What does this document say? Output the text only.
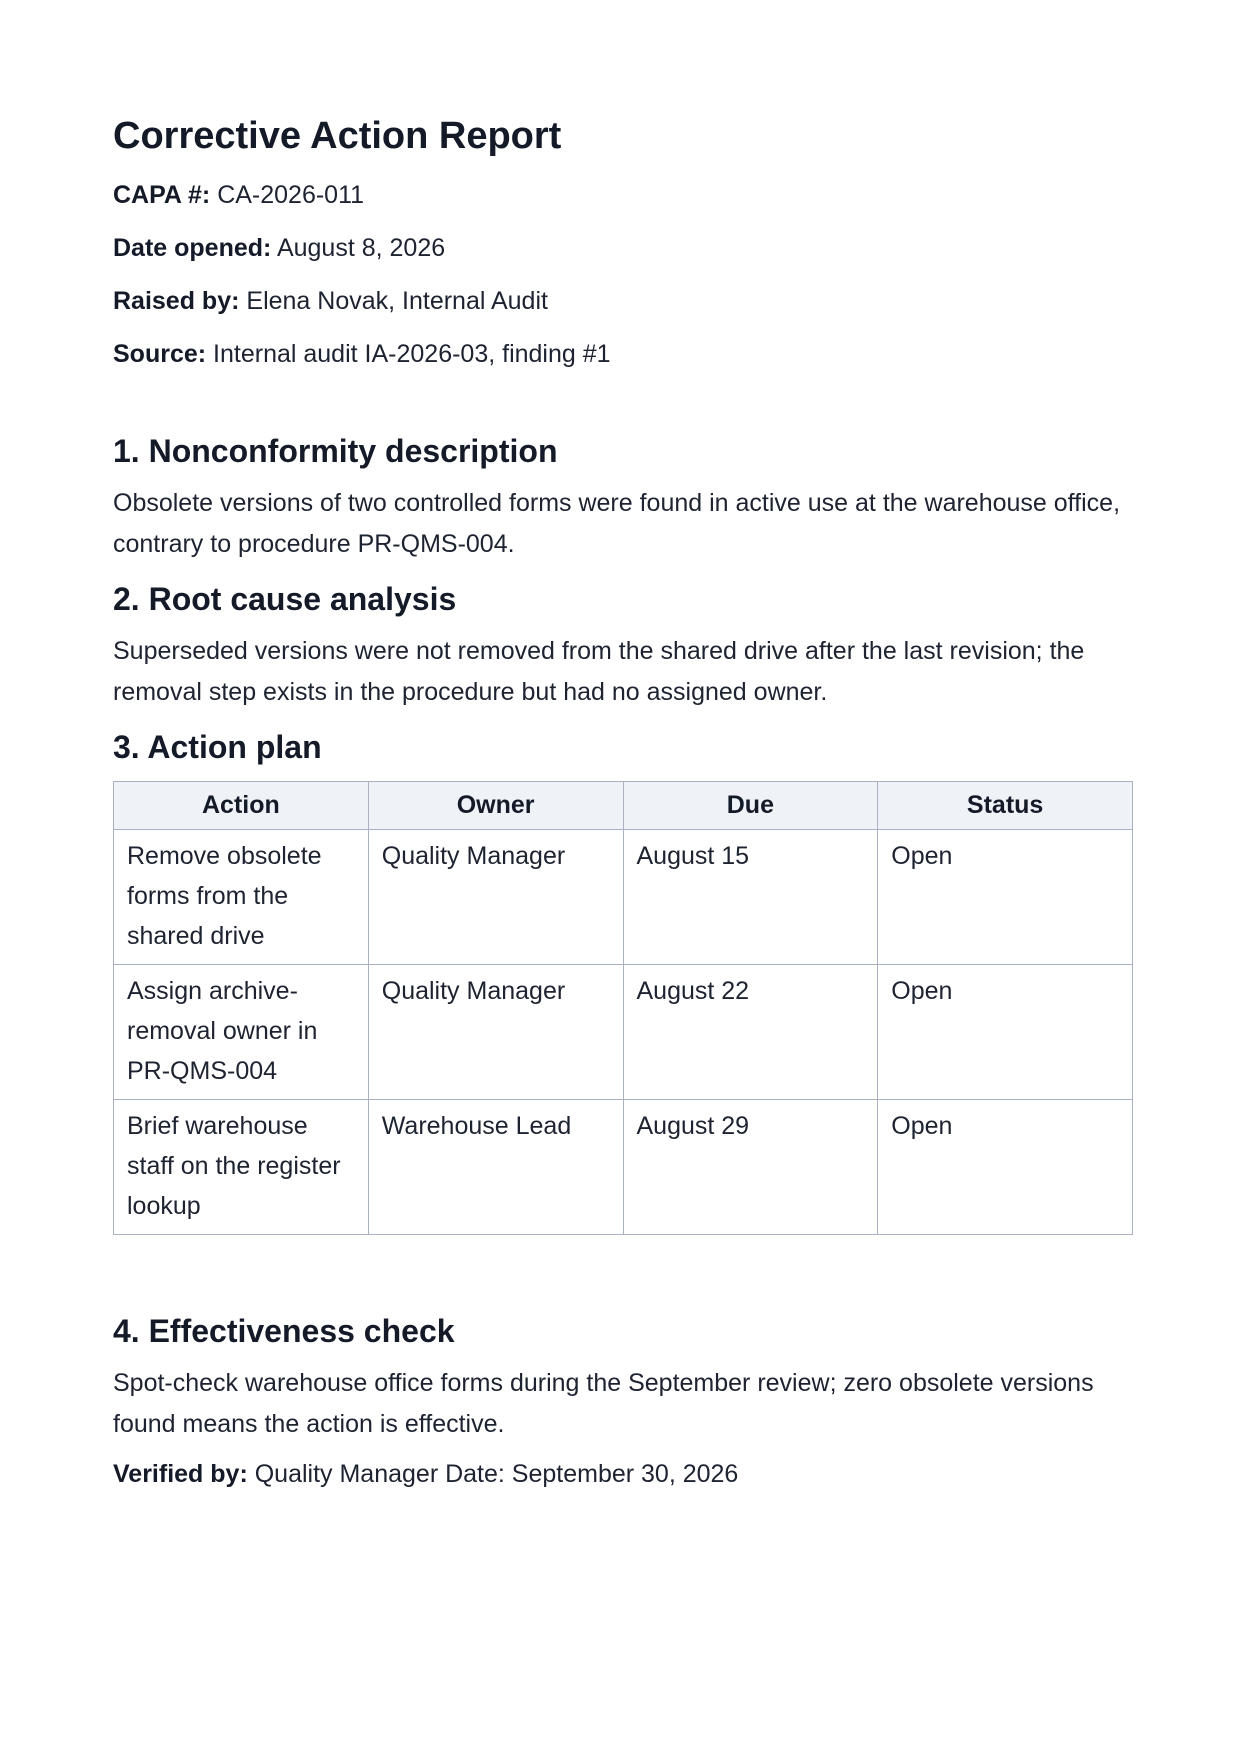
Corrective Action Report
CAPA #: CA-2026-011
Date opened: August 8, 2026
Raised by: Elena Novak, Internal Audit
Source: Internal audit IA-2026-03, finding #1
1. Nonconformity description

Obsolete versions of two controlled forms were found in active use at the warehouse office, contrary to procedure PR-QMS-004.

2. Root cause analysis

Superseded versions were not removed from the shared drive after the last revision; the removal step exists in the procedure but had no assigned owner.

3. Action plan
Action	Owner	Due	Status
Remove obsolete forms from the shared drive	Quality Manager	August 15	Open
Assign archive-removal owner in PR-QMS-004	Quality Manager	August 22	Open
Brief warehouse staff on the register lookup	Warehouse Lead	August 29	Open
4. Effectiveness check

Spot-check warehouse office forms during the September review; zero obsolete versions found means the action is effective.

Verified by: Quality Manager Date: September 30, 2026
